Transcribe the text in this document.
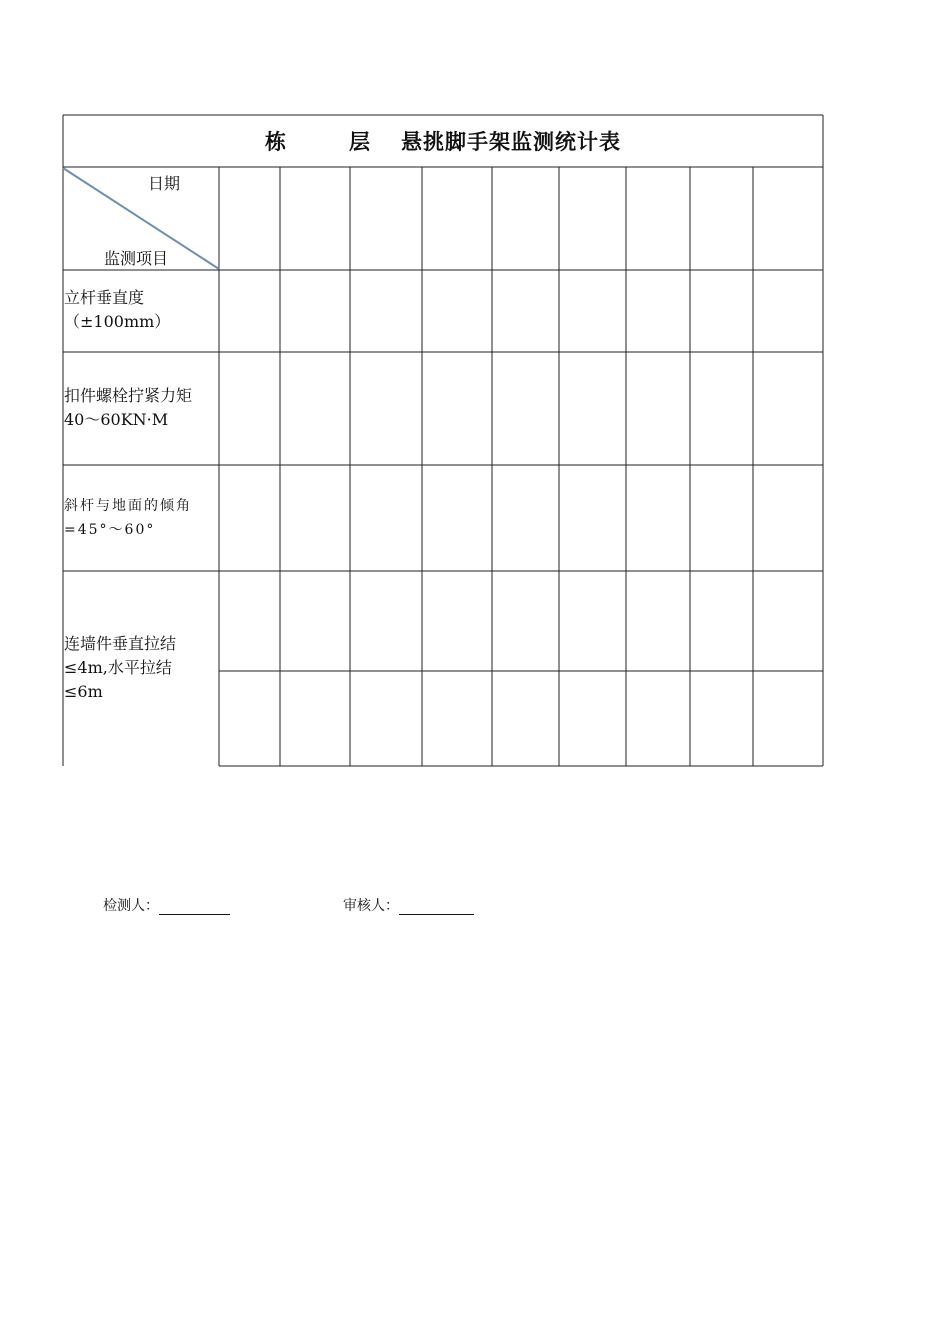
栋	层 悬挑脚手架监测统计表
日期
监测项目
立杆垂直度
（±100mm）
扣件螺栓拧紧力矩
40～60KN·M
斜杆与地面的倾角
=45°～60°
连墙件垂直拉结
≤4m,水平拉结
≤6m
检测人：	审核人：
